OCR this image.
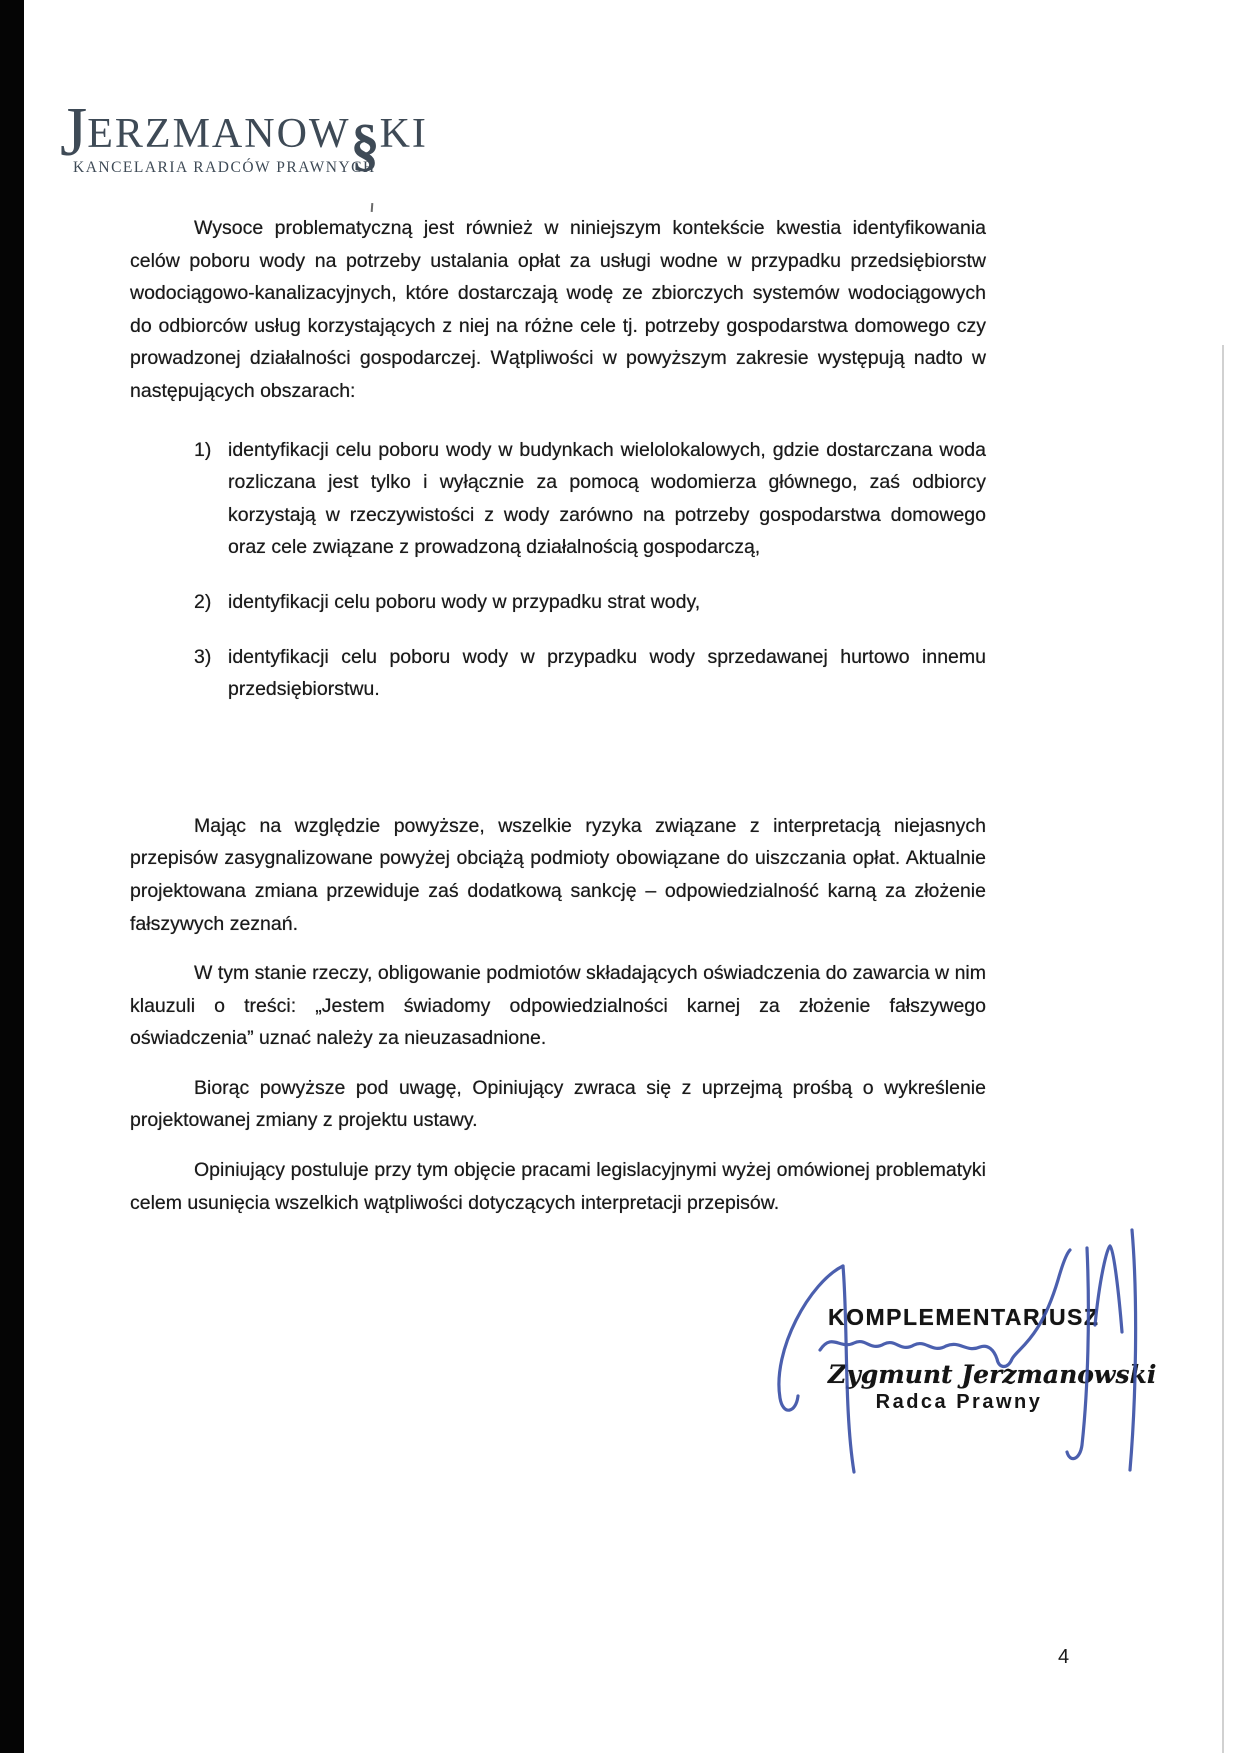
J ERZMANOW § KI
KANCELARIA RADCÓW PRAWNYCH

Wysoce problematyczną jest również w niniejszym kontekście kwestia identyfikowania celów poboru wody na potrzeby ustalania opłat za usługi wodne w przypadku przedsiębiorstw wodociągowo-kanalizacyjnych, które dostarczają wodę ze zbiorczych systemów wodociągowych do odbiorców usług korzystających z niej na różne cele tj. potrzeby gospodarstwa domowego czy prowadzonej działalności gospodarczej. Wątpliwości w powyższym zakresie występują nadto w następujących obszarach:

1) identyfikacji celu poboru wody w budynkach wielolokalowych, gdzie dostarczana woda rozliczana jest tylko i wyłącznie za pomocą wodomierza głównego, zaś odbiorcy korzystają w rzeczywistości z wody zarówno na potrzeby gospodarstwa domowego oraz cele związane z prowadzoną działalnością gospodarczą,
2) identyfikacji celu poboru wody w przypadku strat wody,
3) identyfikacji celu poboru wody w przypadku wody sprzedawanej hurtowo innemu przedsiębiorstwu.

Mając na względzie powyższe, wszelkie ryzyka związane z interpretacją niejasnych przepisów zasygnalizowane powyżej obciążą podmioty obowiązane do uiszczania opłat. Aktualnie projektowana zmiana przewiduje zaś dodatkową sankcję – odpowiedzialność karną za złożenie fałszywych zeznań.

W tym stanie rzeczy, obligowanie podmiotów składających oświadczenia do zawarcia w nim klauzuli o treści: „Jestem świadomy odpowiedzialności karnej za złożenie fałszywego oświadczenia” uznać należy za nieuzasadnione.

Biorąc powyższe pod uwagę, Opiniujący zwraca się z uprzejmą prośbą o wykreślenie projektowanej zmiany z projektu ustawy.

Opiniujący postuluje przy tym objęcie pracami legislacyjnymi wyżej omówionej problematyki celem usunięcia wszelkich wątpliwości dotyczących interpretacji przepisów.

KOMPLEMENTARIUSZ
Zygmunt Jerzmanowski
Radca Prawny
4
